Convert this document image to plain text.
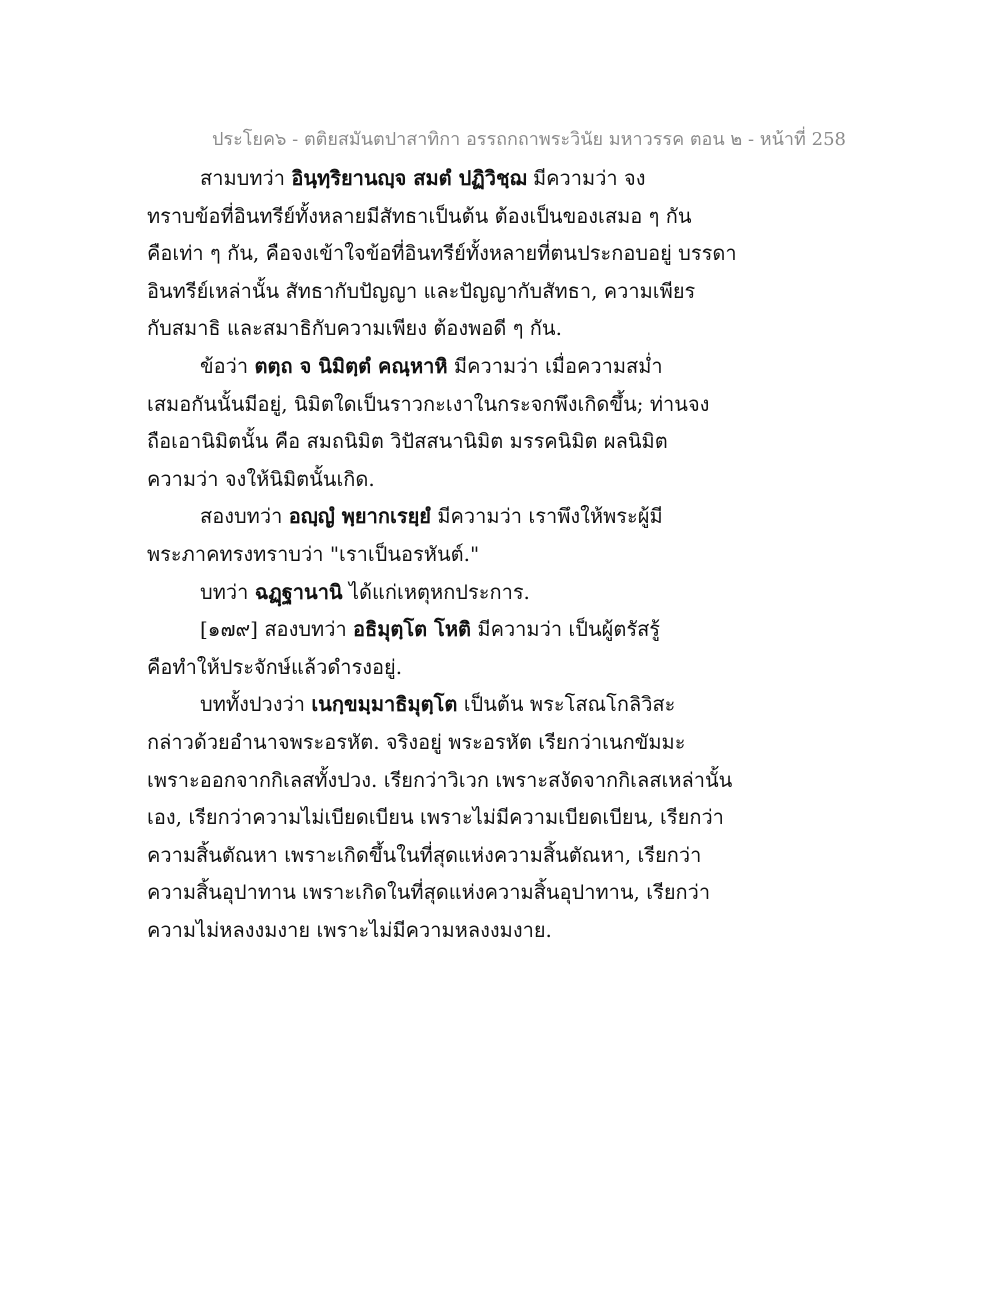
ประโยค๖ - ตติยสมันตปาสาทิกา อรรถกถาพระวินัย มหาวรรค ตอน ๒ - หน้าที่ 258
สามบทว่า อินฺทฺริยานญฺจ สมตํ ปฏิวิชฺฌ มีความว่า จง
ทราบข้อที่อินทรีย์ทั้งหลายมีสัทธาเป็นต้น ต้องเป็นของเสมอ ๆ กัน
คือเท่า ๆ กัน, คือจงเข้าใจข้อที่อินทรีย์ทั้งหลายที่ตนประกอบอยู่ บรรดา
อินทรีย์เหล่านั้น สัทธากับปัญญา และปัญญากับสัทธา, ความเพียร
กับสมาธิ และสมาธิกับความเพียง ต้องพอดี ๆ กัน.
ข้อว่า ตตฺถ จ นิมิตฺตํ คณฺหาหิ มีความว่า เมื่อความสม่ำ
เสมอกันนั้นมีอยู่, นิมิตใดเป็นราวกะเงาในกระจกพึงเกิดขึ้น; ท่านจง
ถือเอานิมิตนั้น คือ สมถนิมิต วิปัสสนานิมิต มรรคนิมิต ผลนิมิต
ความว่า จงให้นิมิตนั้นเกิด.
สองบทว่า อญฺญํ พฺยากเรยฺยํ มีความว่า เราพึงให้พระผู้มี
พระภาคทรงทราบว่า "เราเป็นอรหันต์."
บทว่า ฉฏฺฐานานิ ได้แก่เหตุหกประการ.
[๑๗๙] สองบทว่า อธิมุตฺโต โหติ มีความว่า เป็นผู้ตรัสรู้
คือทำให้ประจักษ์แล้วดำรงอยู่.
บททั้งปวงว่า เนกฺขมฺมาธิมุตฺโต เป็นต้น พระโสณโกลิวิสะ
กล่าวด้วยอำนาจพระอรหัต. จริงอยู่ พระอรหัต เรียกว่าเนกขัมมะ
เพราะออกจากกิเลสทั้งปวง. เรียกว่าวิเวก เพราะสงัดจากกิเลสเหล่านั้น
เอง, เรียกว่าความไม่เบียดเบียน เพราะไม่มีความเบียดเบียน, เรียกว่า
ความสิ้นตัณหา เพราะเกิดขึ้นในที่สุดแห่งความสิ้นตัณหา, เรียกว่า
ความสิ้นอุปาทาน เพราะเกิดในที่สุดแห่งความสิ้นอุปาทาน, เรียกว่า
ความไม่หลงงมงาย เพราะไม่มีความหลงงมงาย.
